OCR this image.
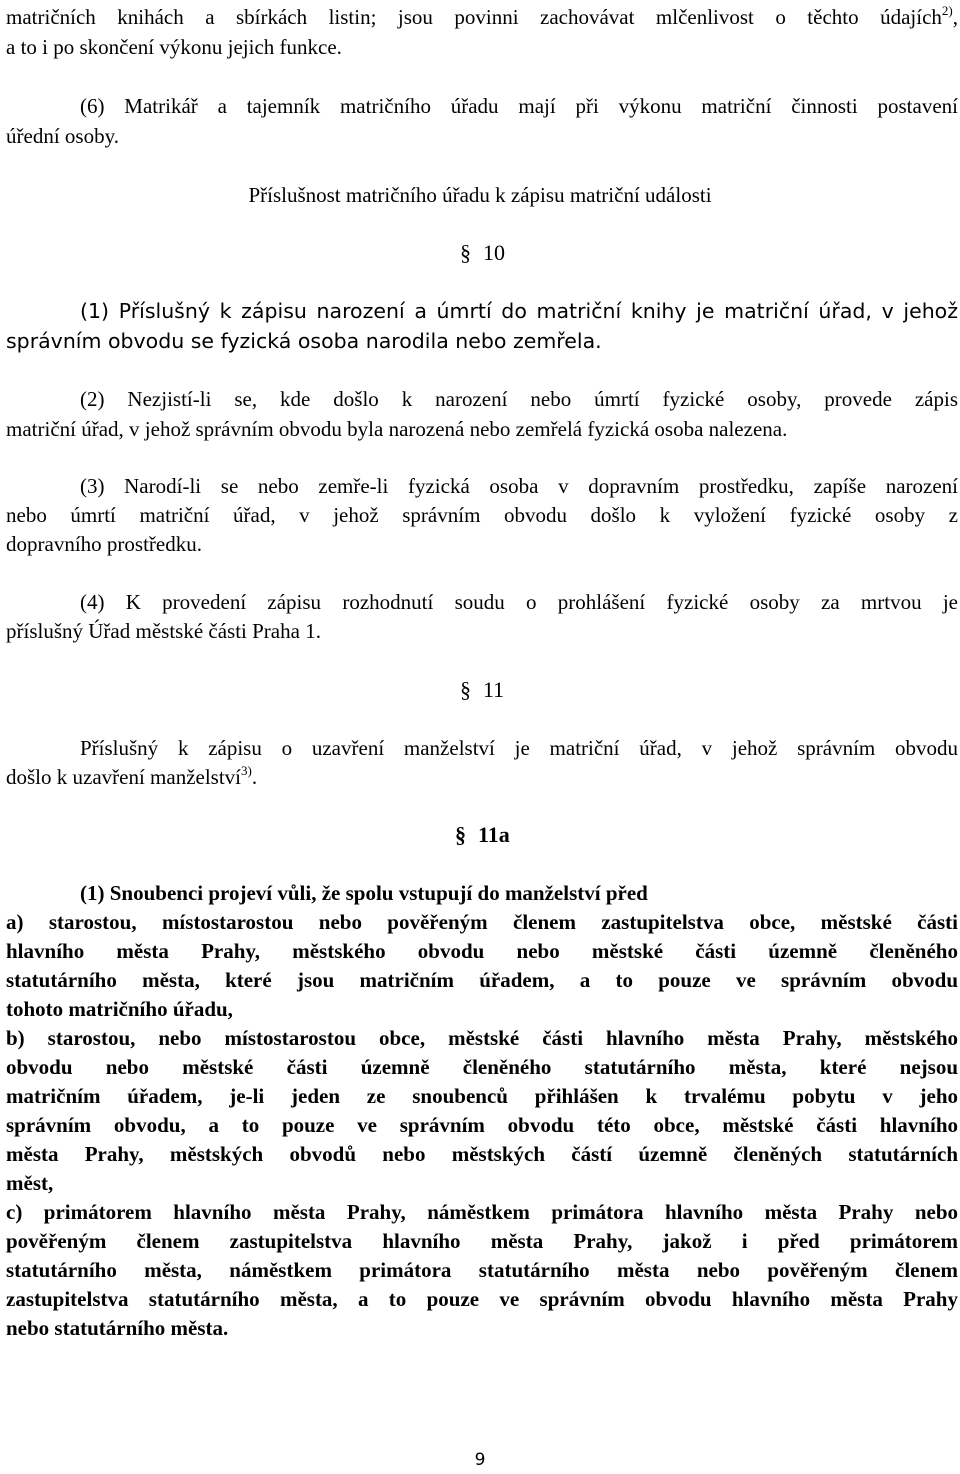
matričních knihách a sbírkách listin; jsou povinni zachovávat mlčenlivost o těchto údajích$^{2)}$,
a to i po skončení výkonu jejich funkce.
(6) Matrikář a tajemník matričního úřadu mají při výkonu matriční činnosti postavení
úřední osoby.
Příslušnost matričního úřadu k zápisu matriční události
§ 10
(1) Příslušný k zápisu narození a úmrtí do matriční knihy je matriční úřad, v jehož
správním obvodu se fyzická osoba narodila nebo zemřela.
(2) Nezjistí-li se, kde došlo k narození nebo úmrtí fyzické osoby, provede zápis
matriční úřad, v jehož správním obvodu byla narozená nebo zemřelá fyzická osoba nalezena.
(3) Narodí-li se nebo zemře-li fyzická osoba v dopravním prostředku, zapíše narození
nebo úmrtí matriční úřad, v jehož správním obvodu došlo k vyložení fyzické osoby z
dopravního prostředku.
(4) K provedení zápisu rozhodnutí soudu o prohlášení fyzické osoby za mrtvou je
příslušný Úřad městské části Praha 1.
§ 11
Příslušný k zápisu o uzavření manželství je matriční úřad, v jehož správním obvodu
došlo k uzavření manželství$^{3)}$.
§ 11a
(1) Snoubenci projeví vůli, že spolu vstupují do manželství před
a) starostou, místostarostou nebo pověřeným členem zastupitelstva obce, městské části
hlavního města Prahy, městského obvodu nebo městské části územně členěného
statutárního města, které jsou matričním úřadem, a to pouze ve správním obvodu
tohoto matričního úřadu,
b) starostou, nebo místostarostou obce, městské části hlavního města Prahy, městského
obvodu nebo městské části územně členěného statutárního města, které nejsou
matričním úřadem, je-li jeden ze snoubenců přihlášen k trvalému pobytu v jeho
správním obvodu, a to pouze ve správním obvodu této obce, městské části hlavního
města Prahy, městských obvodů nebo městských částí územně členěných statutárních
měst,
c) primátorem hlavního města Prahy, náměstkem primátora hlavního města Prahy nebo
pověřeným členem zastupitelstva hlavního města Prahy, jakož i před primátorem
statutárního města, náměstkem primátora statutárního města nebo pověřeným členem
zastupitelstva statutárního města, a to pouze ve správním obvodu hlavního města Prahy
nebo statutárního města.
9
